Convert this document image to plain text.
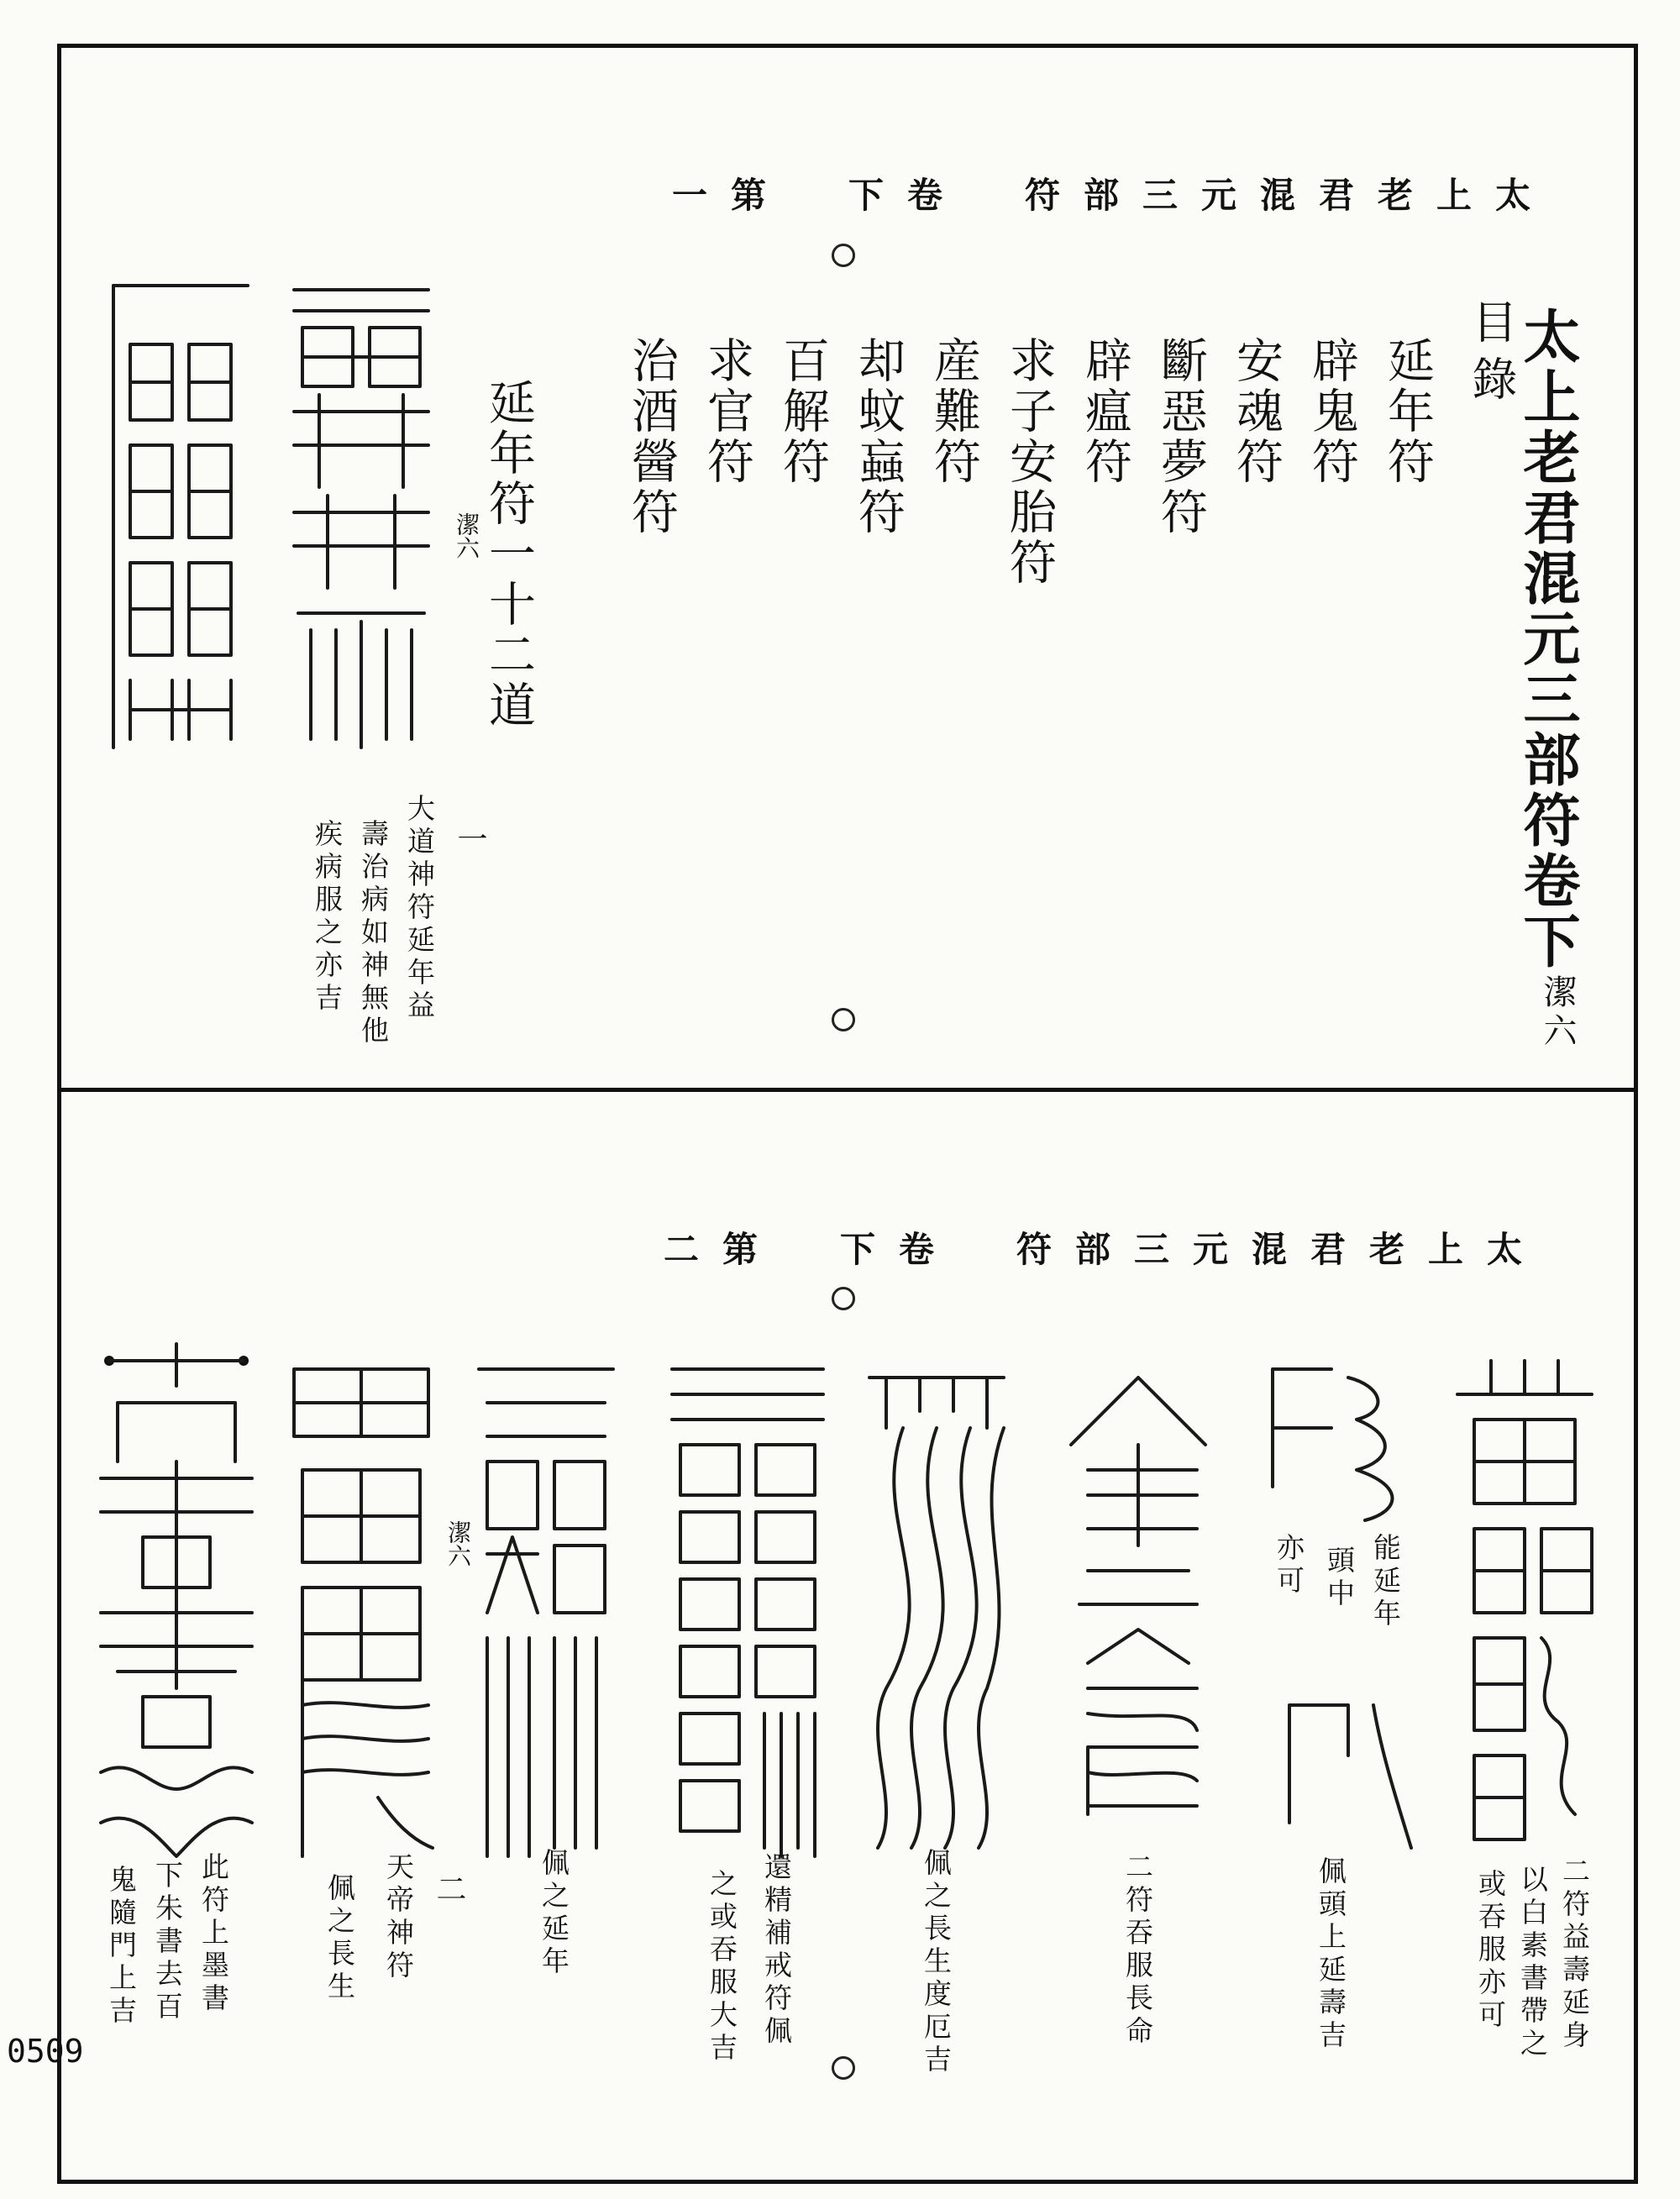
0509
太上老君混元三部符　卷下　第一
太上老君混元三部符卷下
目錄
潔六
延年符
辟鬼符
安魂符
斷惡夢符
辟瘟符
求子安胎符
産難符
却蚊蝱符
百解符
求官符
治酒醟符
延年符一十二道
潔六
一
大道神符延年益
壽治病如神無他
疾病服之亦吉
太上老君混元三部符　卷下　第二
能延年
頭中
亦可
潔六
二	二符益壽延身
以白素書帶之
或吞服亦可
佩頭上延壽吉
二符吞服長命
佩之長生度厄吉
還精補戒符佩
之或吞服大吉
佩之延年
天帝神符
佩之長生
此符上墨書
下朱書去百
鬼隨門上吉
